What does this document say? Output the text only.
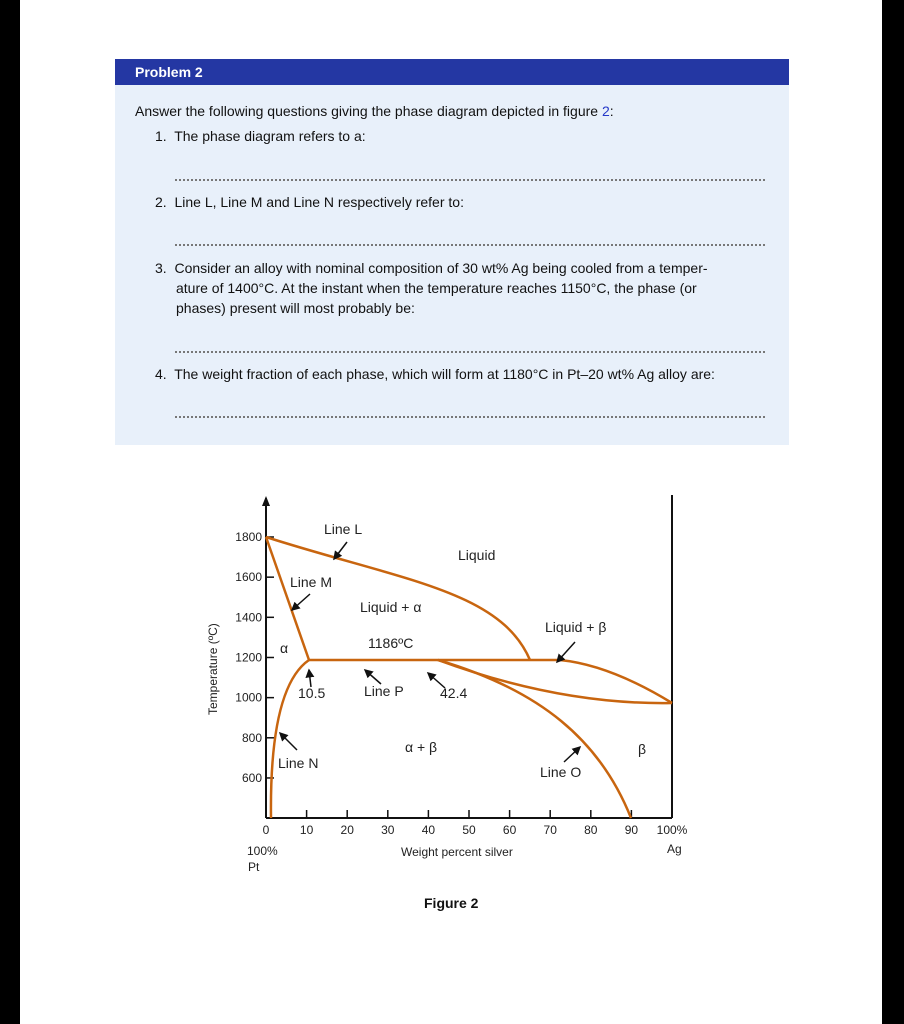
Problem 2
Answer the following questions giving the phase diagram depicted in figure 2:
1. The phase diagram refers to a:
2. Line L, Line M and Line N respectively refer to:
3. Consider an alloy with nominal composition of 30 wt% Ag being cooled from a temper-
ature of 1400°C. At the instant when the temperature reaches 1150°C, the phase (or
phases) present will most probably be:
4. The weight fraction of each phase, which will form at 1180°C in Pt–20 wt% Ag alloy are:
1800
1600
1400
1200
1000
800
600
0	10 20 30 40 50 60 70 80 90 100%
Line L
Liquid
Line M
Liquid + α
Liquid + β
α	1186ºC
10.5	Line P	42.4
α + β	β
Line N
Line O
Temperature (ºC)
Weight percent silver
100%
Pt
Ag
Figure 2
